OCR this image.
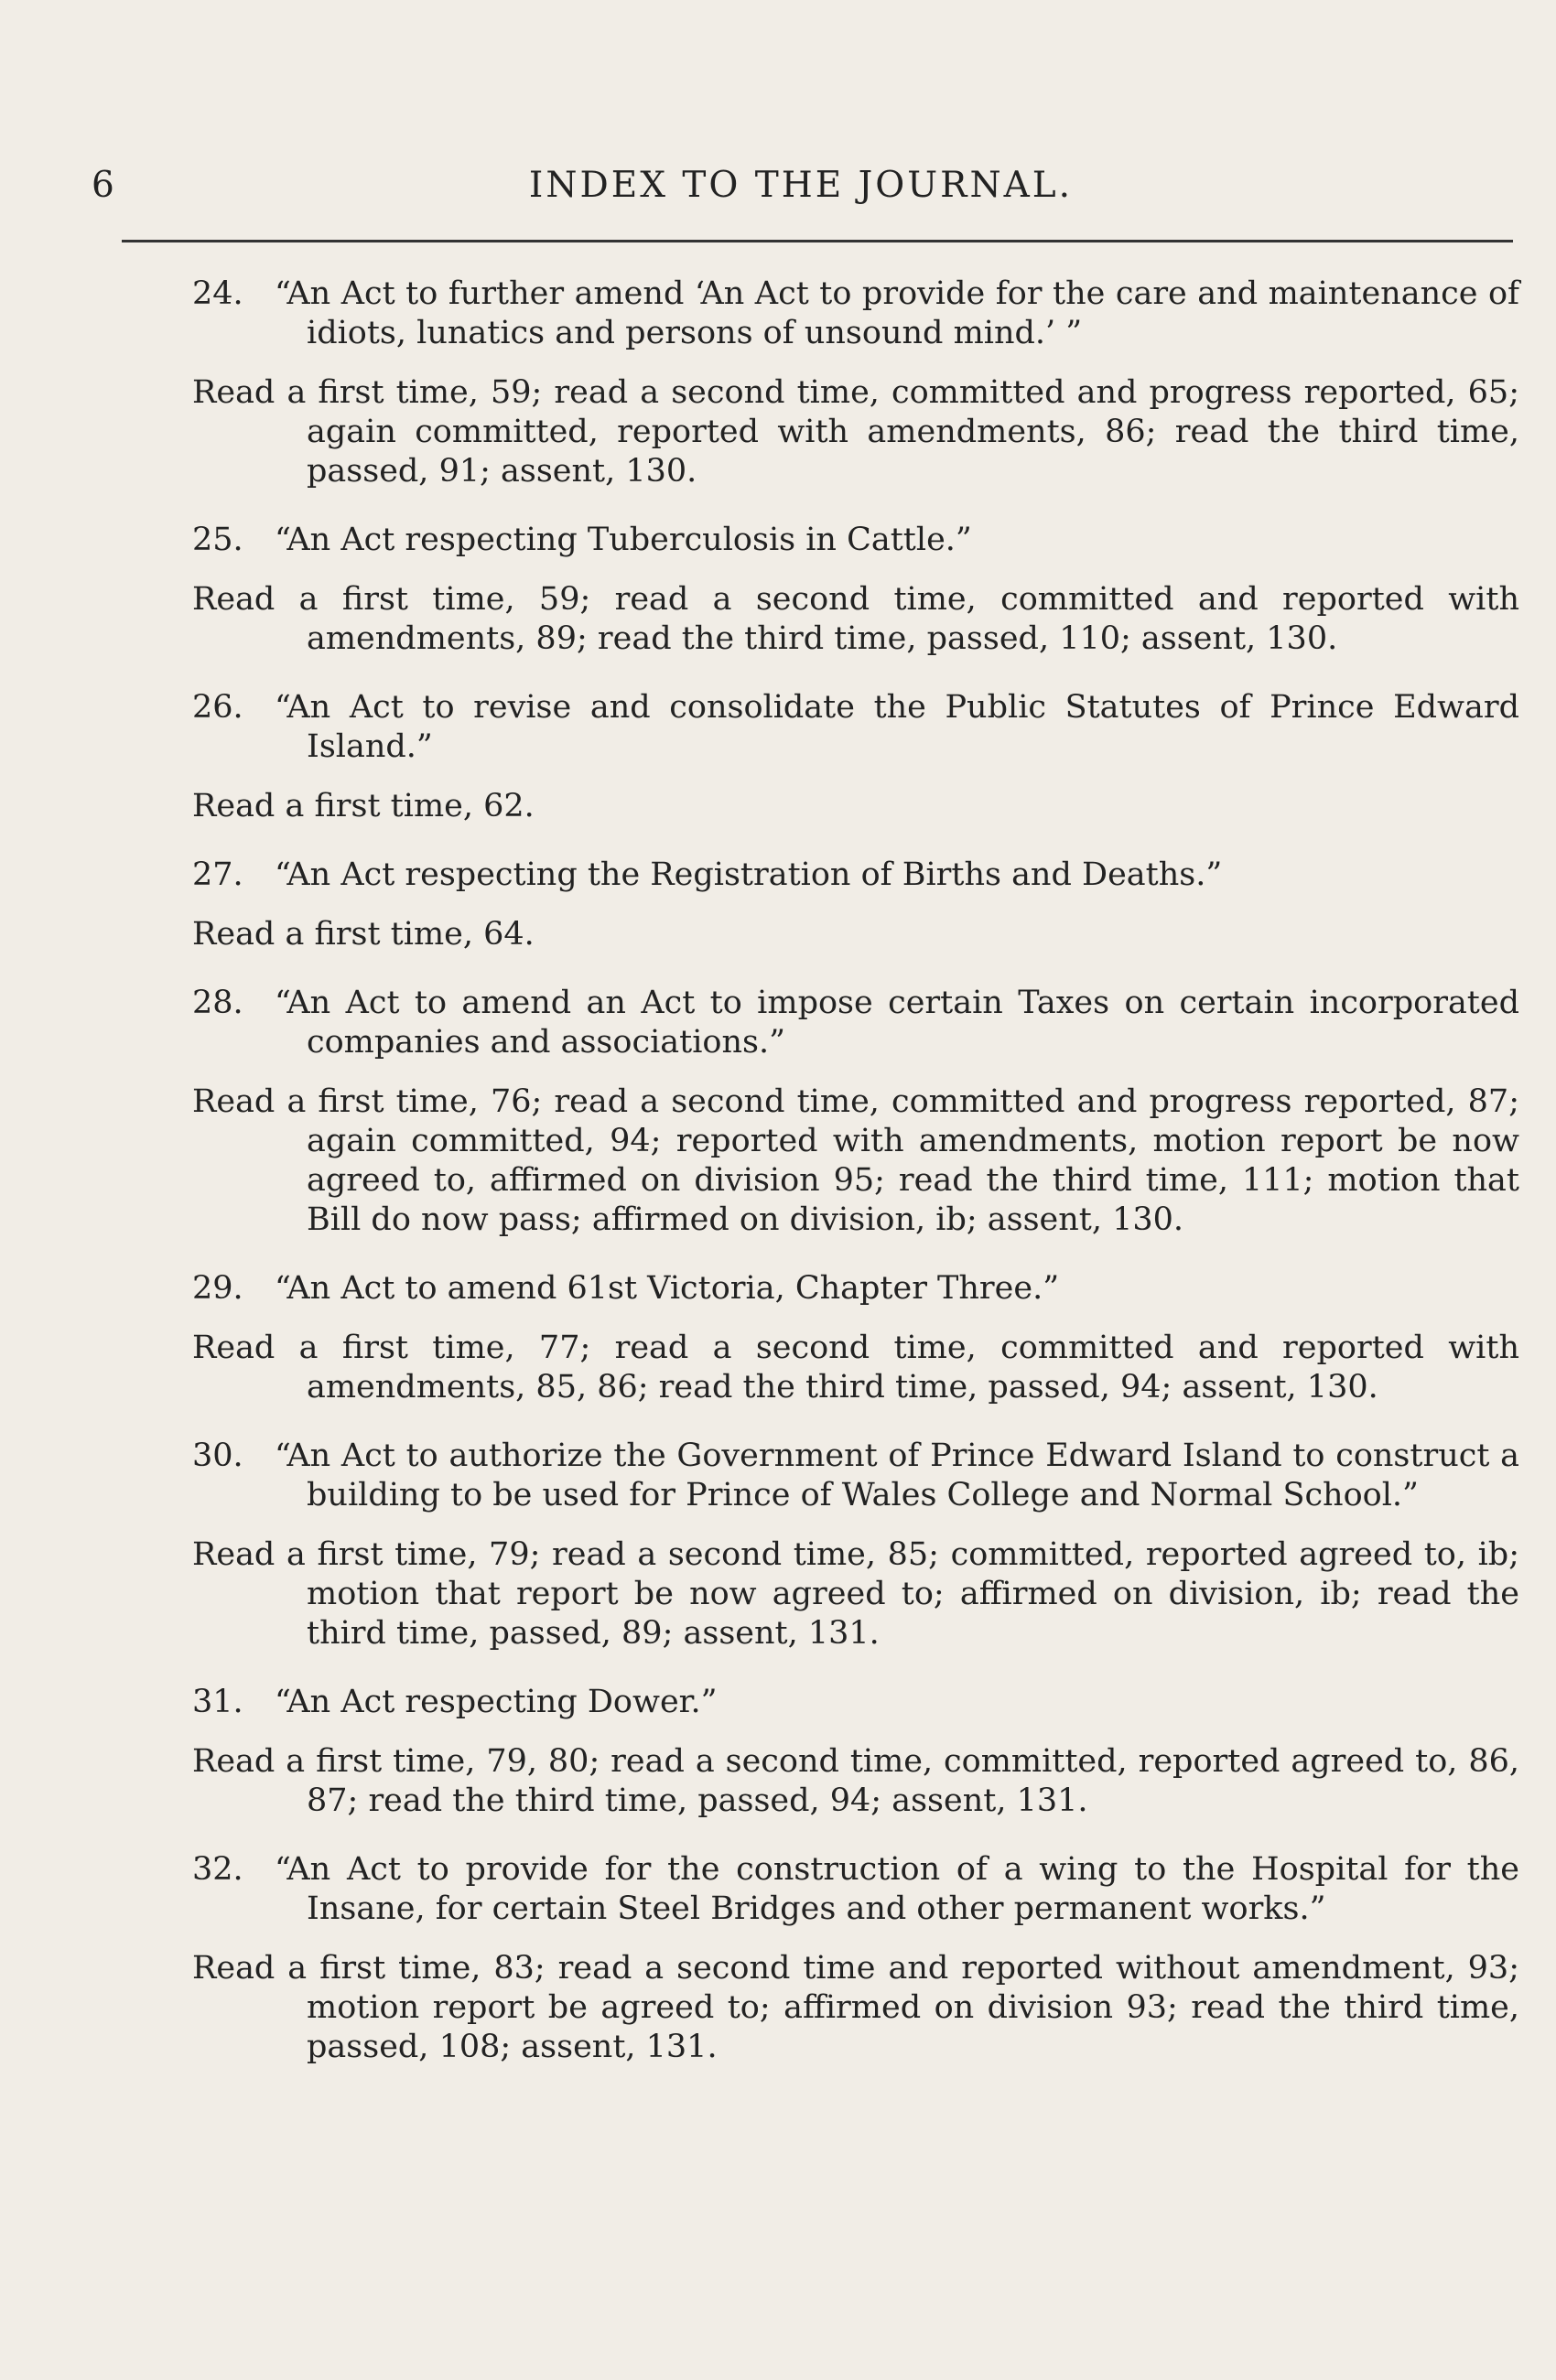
6	INDEX TO THE JOURNAL.

24. “An Act to further amend ‘An Act to provide for the care and maintenance of idiots, lunatics and persons of unsound mind.’ ”

Read a first time, 59; read a second time, committed and progress reported, 65; again committed, reported with amendments, 86; read the third time, passed, 91; assent, 130.

25. “An Act respecting Tuberculosis in Cattle.”

Read a first time, 59; read a second time, committed and reported with amendments, 89; read the third time, passed, 110; assent, 130.

26. “An Act to revise and consolidate the Public Statutes of Prince Edward Island.”

Read a first time, 62.

27. “An Act respecting the Registration of Births and Deaths.”

Read a first time, 64.

28. “An Act to amend an Act to impose certain Taxes on certain incorporated companies and associations.”

Read a first time, 76; read a second time, committed and progress reported, 87; again committed, 94; reported with amendments, motion report be now agreed to, affirmed on division 95; read the third time, 111; motion that Bill do now pass; affirmed on division, ib; assent, 130.

29. “An Act to amend 61st Victoria, Chapter Three.”

Read a first time, 77; read a second time, committed and reported with amendments, 85, 86; read the third time, passed, 94; assent, 130.

30. “An Act to authorize the Government of Prince Edward Island to construct a building to be used for Prince of Wales College and Normal School.”

Read a first time, 79; read a second time, 85; committed, reported agreed to, ib; motion that report be now agreed to; affirmed on division, ib; read the third time, passed, 89; assent, 131.

31. “An Act respecting Dower.”

Read a first time, 79, 80; read a second time, committed, reported agreed to, 86, 87; read the third time, passed, 94; assent, 131.

32. “An Act to provide for the construction of a wing to the Hospital for the Insane, for certain Steel Bridges and other permanent works.”

Read a first time, 83; read a second time and reported without amendment, 93; motion report be agreed to; affirmed on division 93; read the third time, passed, 108; assent, 131.
